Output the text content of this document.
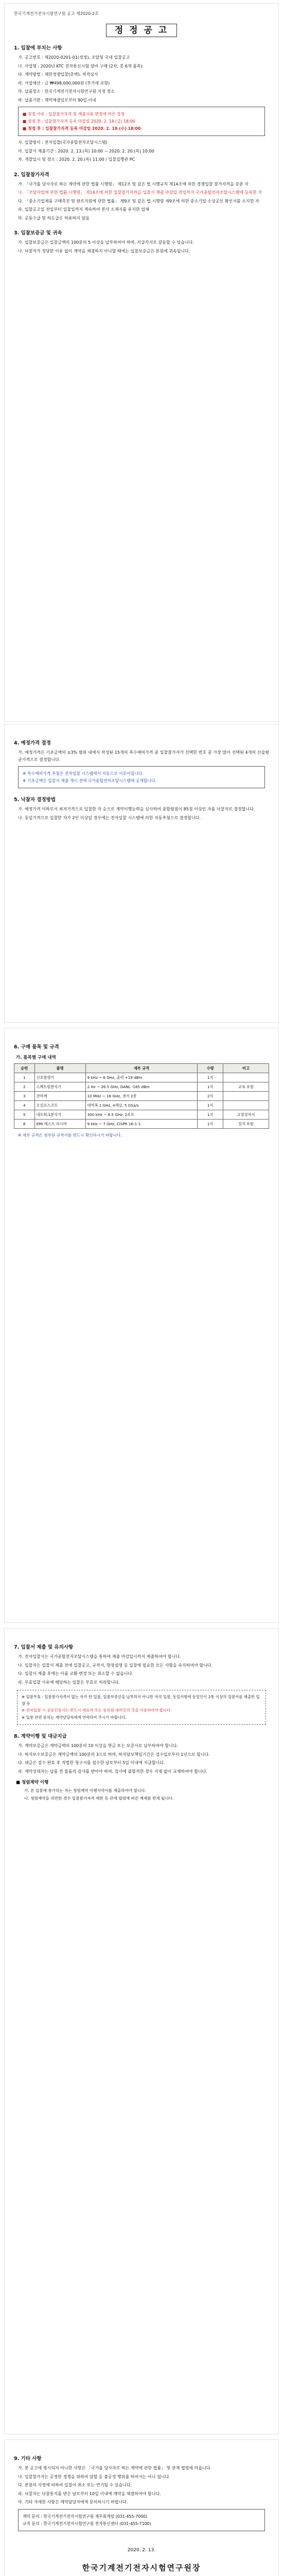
한국기계전기전자시험연구원 공고 제2020-2호
정 정 공 고
1. 입찰에 부치는 사항

가. 공고번호 : 제2020-0201-01(정정), 조달청 국내 입찰공고

나. 사업명 : 2020년 KTC 전자통신시험 장비 구매 (2차, 총 6개 품목)

다. 계약방법 : 제한경쟁입찰(총액), 적격심사

라. 사업예산 : 금 ₩498,000,000원 (부가세 포함)

마. 납품장소 : 한국기계전기전자시험연구원 지정 장소

바. 납품기한 : 계약체결일로부터 90일 이내

■ 정정 사유 : 입찰참가자격 및 제출서류 변경에 따른 정정

■ 정정 전 : 입찰참가자격 등록 마감일 2020. 2. 14.(금) 18:00

■ 정정 후 : 입찰참가자격 등록 마감일 2020. 2. 19.(수) 18:00

사. 입찰방식 : 전자입찰(국가종합전자조달시스템)

아. 입찰서 제출기간 : 2020. 2. 13.(목) 10:00 ~ 2020. 2. 20.(목) 10:00

자. 개찰일시 및 장소 : 2020. 2. 20.(목) 11:00 / 입찰집행관 PC

2. 입찰참가자격

가. 「국가를 당사자로 하는 계약에 관한 법률 시행령」 제12조 및 같은 법 시행규칙 제14조에 의한 경쟁입찰 참가자격을 갖춘 자

나. 「조달사업에 관한 법률 시행령」 제14조에 의한 입찰참가자격을 입찰서 제출 마감일 전일까지 국가종합전자조달시스템에 등록한 자

다. 「중소기업제품 구매촉진 및 판로지원에 관한 법률」 제9조 및 같은 법 시행령 제9조에 의한 중소기업·소상공인 확인서를 소지한 자

라. 입찰공고일 전일부터 입찰일까지 계속하여 본사 소재지를 유지한 업체

마. 공동수급 및 하도급은 허용하지 않음

3. 입찰보증금 및 귀속

가. 입찰보증금은 입찰금액의 100분의 5 이상을 납부하여야 하며, 지급각서로 갈음할 수 있습니다.

나. 낙찰자가 정당한 이유 없이 계약을 체결하지 아니할 때에는 입찰보증금은 본원에 귀속됩니다.

4. 예정가격 결정

가. 예정가격은 기초금액의 ±3% 범위 내에서 작성된 15개의 복수예비가격 중 입찰참가자가 선택한 번호 중 가장 많이 선택된 4개의 산술평균가격으로 결정합니다.

※ 복수예비가격 추첨은 전자입찰 시스템에서 자동으로 이루어집니다.

※ 기초금액은 입찰서 제출 개시 전에 국가종합전자조달시스템에 공개합니다.

5. 낙찰자 결정방법

가. 예정가격 이하로서 최저가격으로 입찰한 자 순으로 계약이행능력을 심사하여 종합평점이 85점 이상인 자를 낙찰자로 결정합니다.

나. 동일가격으로 입찰한 자가 2인 이상일 경우에는 전자입찰 시스템에 의한 자동추첨으로 결정합니다.

6. 구매 품목 및 규격
가. 품목별 구매 내역
순번	품명	세부 규격	수량	비고
1	신호발생기	9 kHz ~ 6 GHz, 출력 +19 dBm	1식	
2	스펙트럼분석기	2 Hz ~ 26.5 GHz, DANL -165 dBm	1식	교육 포함
3	전력계	10 MHz ~ 18 GHz, 센서 2종	2식	
4	오실로스코프	대역폭 1 GHz, 4채널, 5 GSa/s	1식	
5	네트워크분석기	300 kHz ~ 8.5 GHz, 2포트	1식	교정성적서
6	EMI 테스트 리시버	9 kHz ~ 7 GHz, CISPR 16-1-1	1식	설치 포함

※ 세부 규격은 첨부된 규격서를 반드시 확인하시기 바랍니다.

7. 입찰서 제출 및 유의사항

가. 전자입찰서는 국가종합전자조달시스템을 통하여 제출 마감일시까지 제출하여야 합니다.

나. 입찰자는 입찰서 제출 전에 입찰공고, 규격서, 현장설명 등 입찰에 필요한 모든 사항을 숙지하여야 합니다.

다. 입찰서 제출 후에는 이를 교환·변경 또는 취소할 수 없습니다.

라. 무효입찰 사유에 해당하는 입찰은 무효로 처리합니다.

※ 입찰무효 : 입찰참가자격이 없는 자가 한 입찰, 입찰보증금을 납부하지 아니한 자의 입찰, 동일사항에 동일인이 2통 이상의 입찰서를 제출한 입찰 등

※ 전자입찰 시 공동인증서는 반드시 대표자 또는 등록된 대리인의 것을 사용하여야 합니다.

※ 입찰 관련 문의는 계약담당자에게 연락하여 주시기 바랍니다.

8. 계약이행 및 대금지급

가. 계약보증금은 계약금액의 100분의 10 이상을 현금 또는 보증서로 납부하여야 합니다.

나. 하자보수보증금은 계약금액의 100분의 3으로 하며, 하자담보책임기간은 검수일로부터 1년으로 합니다.

다. 대금은 검수 완료 후 적법한 청구서를 접수한 날로부터 5일 이내에 지급합니다.

라. 계약상대자는 납품 전 물품의 검사를 받아야 하며, 검사에 불합격한 경우 지체 없이 교체하여야 합니다.

■ 청렴계약 이행

가. 본 입찰에 참가하는 자는 청렴계약 이행서약서를 제출하여야 합니다.

나. 청렴계약을 위반한 경우 입찰참가자격 제한 등 관계 법령에 따른 제재를 받게 됩니다.

9. 기타 사항

가. 본 공고에 명시되지 아니한 사항은 「국가를 당사자로 하는 계약에 관한 법률」 및 관계 법령에 따릅니다.

나. 입찰참가자는 공정한 경쟁을 위하여 담합 등 불공정 행위를 하여서는 아니 됩니다.

다. 본원의 사정에 의하여 입찰이 취소 또는 연기될 수 있습니다.

라. 낙찰자는 낙찰통지를 받은 날로부터 10일 이내에 계약을 체결하여야 합니다.

마. 기타 자세한 사항은 계약담당자에게 문의하시기 바랍니다.

계약 문의 : 한국기계전기전자시험연구원 재무회계팀 (031-455-7000)

규격 문의 : 한국기계전기전자시험연구원 전자통신센터 (031-455-7100)

2020. 2. 13.
한국기계전기전자시험연구원장
